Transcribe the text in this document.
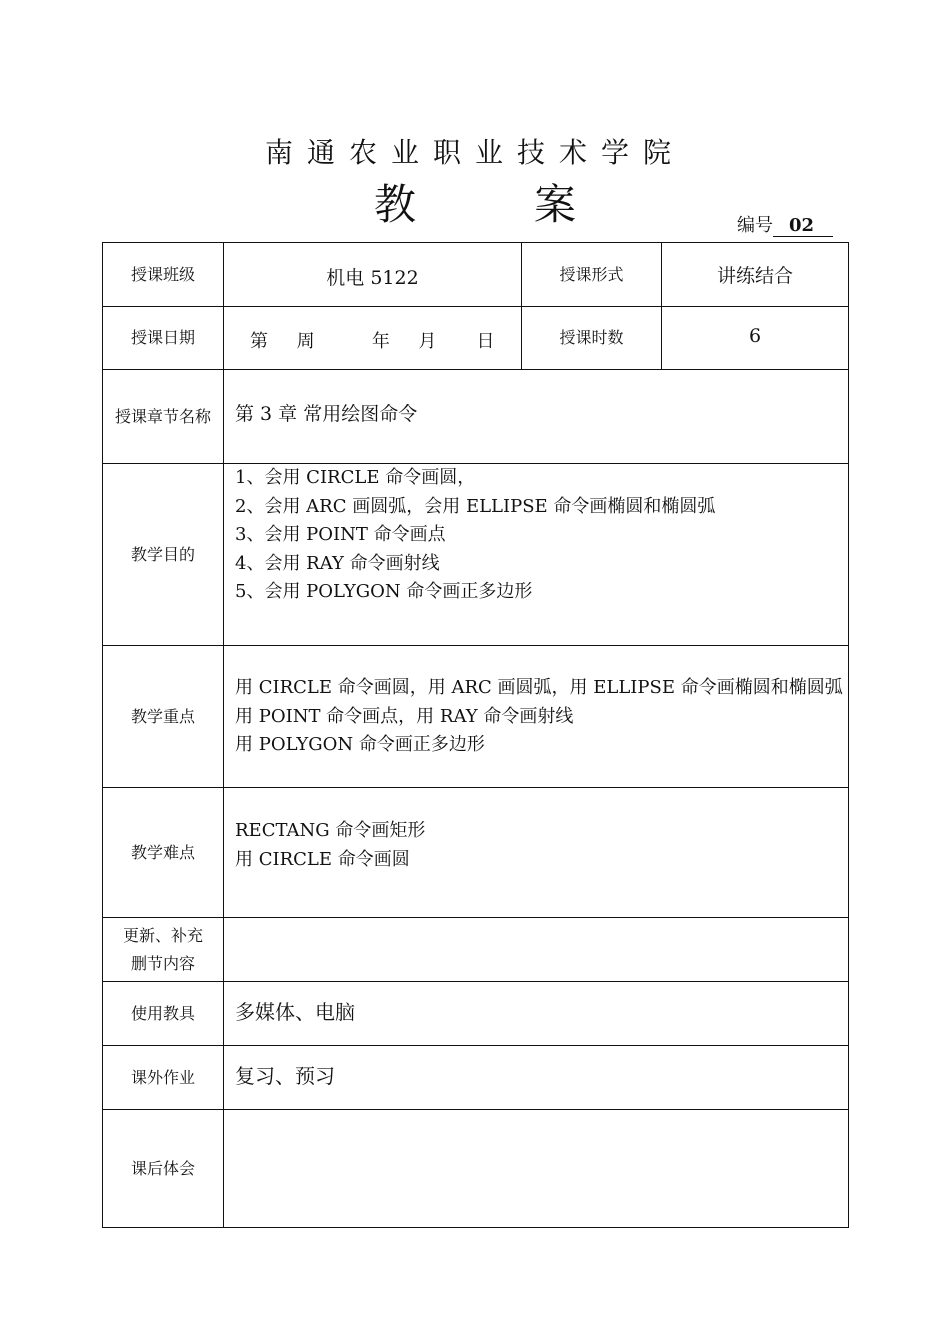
南通农业职业技术学院
教	案	编号 02
授课班级	机电 5122	授课形式	讲练结合
授课日期	第     周          年     月       日	授课时数	6
授课章节名称	第 3 章 常用绘图命令		
教学目的	1、会用 CIRCLE 命令画圆，
2、会用 ARC 画圆弧，会用 ELLIPSE 命令画椭圆和椭圆弧
3、会用 POINT 命令画点
4、会用 RAY 命令画射线
5、会用 POLYGON 命令画正多边形		

教学重点	用 CIRCLE 命令画圆，用 ARC 画圆弧，用 ELLIPSE 命令画椭圆和椭圆弧
用 POINT 命令画点，用 RAY 命令画射线
用 POLYGON 命令画正多边形		

教学难点	RECTANG 命令画矩形
用 CIRCLE 命令画圆		

更新、补充
删节内容			

使用教具	多媒体、电脑		
课外作业	复习、预习		
课后体会			
